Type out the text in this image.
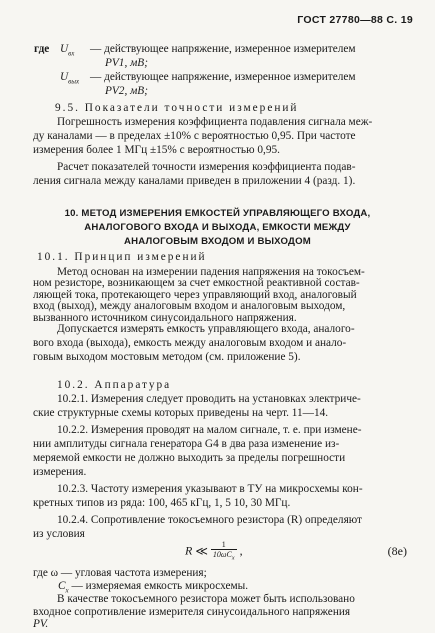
ГОСТ 27780—88 С. 19
где $U_{вх}$ — действующее напряжение, измеренное измерителем
PV1, мВ;
$U_{вых}$ — действующее напряжение, измеренное измерителем
PV2, мВ;
9.5. Показатели точности измерений
Погрешность измерения коэффициента подавления сигнала меж-
ду каналами — в пределах ±10% с вероятностью 0,95. При частоте
измерения более 1 МГц ±15% с вероятностью 0,95.
Расчет показателей точности измерения коэффициента подав-
ления сигнала между каналами приведен в приложении 4 (разд. 1).
10. МЕТОД ИЗМЕРЕНИЯ ЕМКОСТЕЙ УПРАВЛЯЮЩЕГО ВХОДА,
АНАЛОГОВОГО ВХОДА И ВЫХОДА, ЕМКОСТИ МЕЖДУ
АНАЛОГОВЫМ ВХОДОМ И ВЫХОДОМ
10.1. Принцип измерений
Метод основан на измерении падения напряжения на токосъем-
ном резисторе, возникающем за счет емкостной реактивной состав-
ляющей тока, протекающего через управляющий вход, аналоговый
вход (выход), между аналоговым входом и аналоговым выходом,
вызванного источником синусоидального напряжения.
Допускается измерять емкость управляющего входа, аналого-
вого входа (выхода), емкость между аналоговым входом и анало-
говым выходом мостовым методом (см. приложение 5).
10.2. Аппаратура
10.2.1. Измерения следует проводить на установках электриче-
ские структурные схемы которых приведены на черт. 11—14.
10.2.2. Измерения проводят на малом сигнале, т. е. при измене-
нии амплитуды сигнала генератора G4 в два раза изменение из-
меряемой емкости не должно выходить за пределы погрешности
измерения.
10.2.3. Частоту измерения указывают в ТУ на микросхемы кон-
кретных типов из ряда: 100, 465 кГц, 1, 5 10, 30 МГц.
10.2.4. Сопротивление токосъемного резистора (R) определяют
из условия
R ≪ $\frac{1}{10\omega C_x}$ ,	(8е)
где ω — угловая частота измерения;
$C_x$ — измеряемая емкость микросхемы.
В качестве токосъемного резистора может быть использовано
входное сопротивление измерителя синусоидального напряжения
PV.
